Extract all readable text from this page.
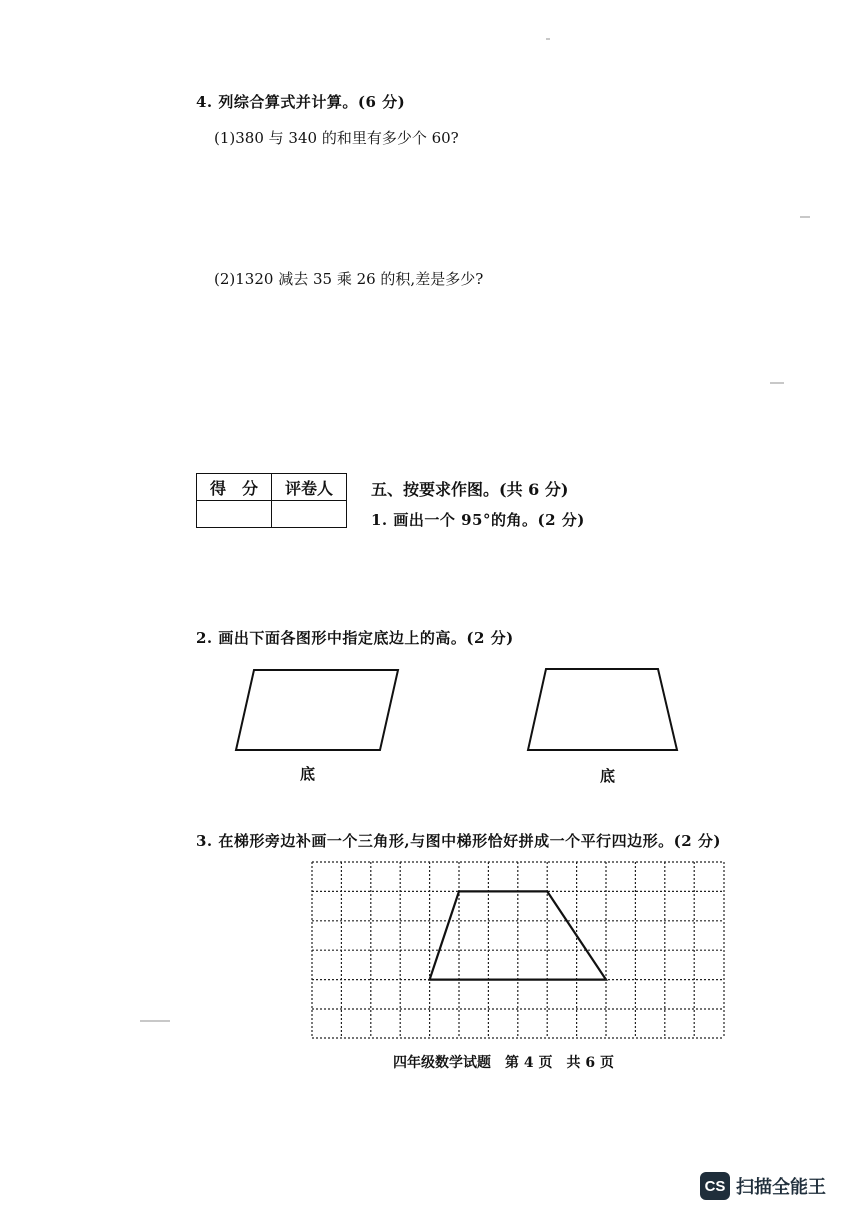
4. 列综合算式并计算。(6 分)
(1)380 与 340 的和里有多少个 60?
(2)1320 减去 35 乘 26 的积,差是多少?
得　分	评卷人
	五、按要求作图。(共 6 分)
1. 画出一个 95°的角。(2 分)
2. 画出下面各图形中指定底边上的高。(2 分)
底	底
3. 在梯形旁边补画一个三角形,与图中梯形恰好拼成一个平行四边形。(2 分)
四年级数学试题　第 4 页　共 6 页
CS 扫描全能王
